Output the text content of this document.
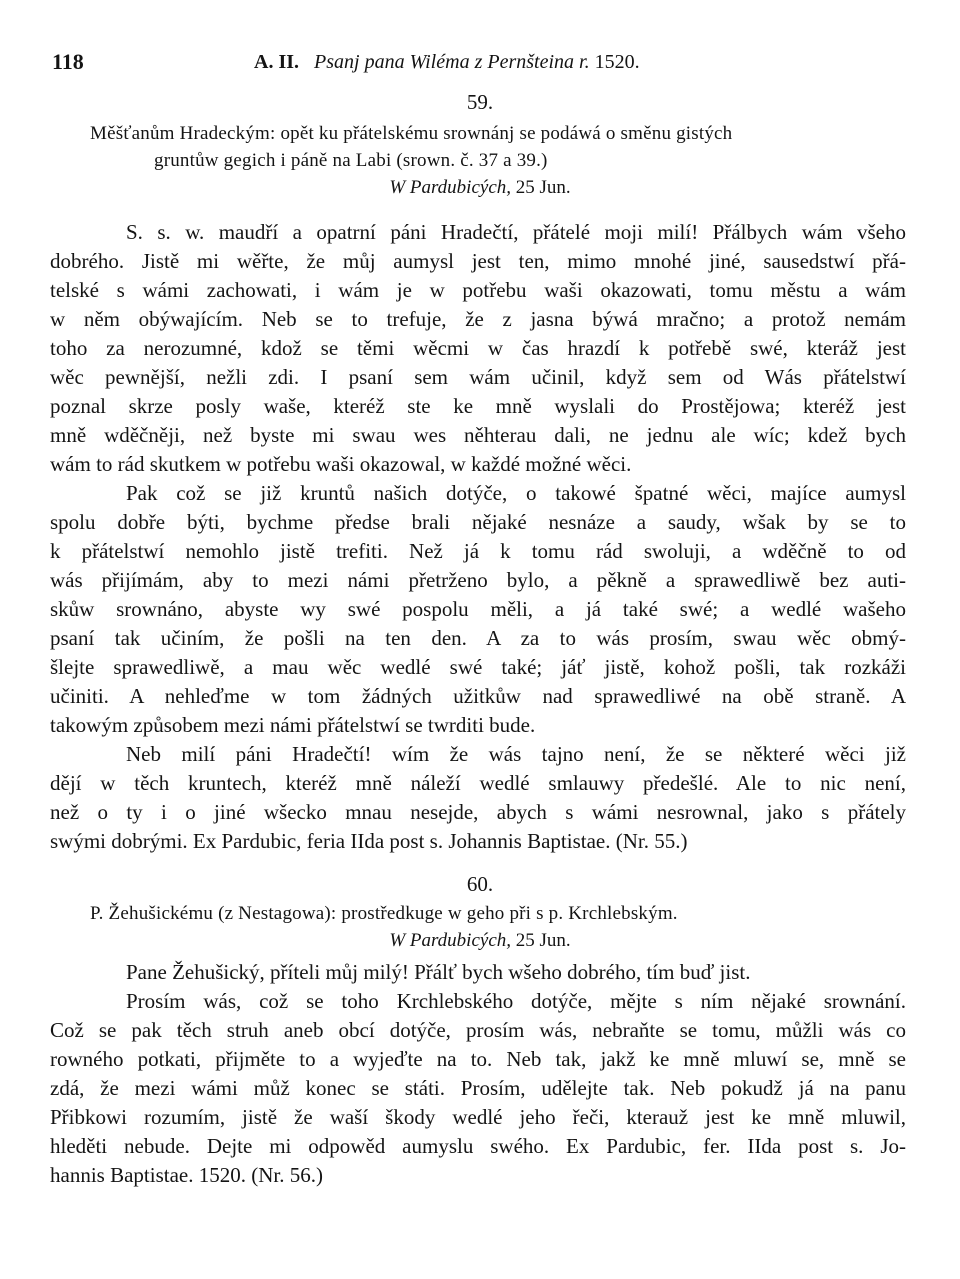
118	A. II. Psanj pana Wiléma z Pernšteina r. 1520.
59.
Měšťanům Hradeckým: opět ku přátelskému srownánj se podáwá o směnu gistých
gruntůw gegich i páně na Labi (srown. č. 37 a 39.)
W Pardubicých, 25 Jun.
S. s. w. maudří a opatrní páni Hradečtí, přátelé moji milí! Přálbych wám všeho
dobrého. Jistě mi wěřte, že můj aumysl jest ten, mimo mnohé jiné, sausedstwí přá-
telské s wámi zachowati, i wám je w potřebu waši okazowati, tomu městu a wám
w něm obýwajícím. Neb se to trefuje, že z jasna býwá mračno; a protož nemám
toho za nerozumné, kdož se těmi wěcmi w čas hrazdí k potřebě swé, kteráž jest
wěc pewnější, nežli zdi. I psaní sem wám učinil, když sem od Wás přátelstwí
poznal skrze posly waše, kteréž ste ke mně wyslali do Prostějowa; kteréž jest
mně wděčněji, než byste mi swau wes něhterau dali, ne jednu ale wíc; kdež bych
wám to rád skutkem w potřebu waši okazowal, w každé možné wěci.
Pak což se již kruntů našich dotýče, o takowé špatné wěci, majíce aumysl
spolu dobře býti, bychme předse brali nějaké nesnáze a saudy, wšak by se to
k přátelstwí nemohlo jistě trefiti. Než já k tomu rád swoluji, a wděčně to od
wás přijímám, aby to mezi námi přetrženo bylo, a pěkně a sprawedliwě bez auti-
skůw srownáno, abyste wy swé pospolu měli, a já také swé; a wedlé wašeho
psaní tak učiním, že pošli na ten den. A za to wás prosím, swau wěc obmý-
šlejte sprawedliwě, a mau wěc wedlé swé také; jáť jistě, kohož pošli, tak rozkáži
učiniti. A nehleďme w tom žádných užitkůw nad sprawedliwé na obě straně. A
takowým způsobem mezi námi přátelstwí se twrditi bude.
Neb milí páni Hradečtí! wím že wás tajno není, že se některé wěci již
dějí w těch kruntech, kteréž mně náleží wedlé smlauwy předešlé. Ale to nic není,
než o ty i o jiné wšecko mnau nesejde, abych s wámi nesrownal, jako s přátely
swými dobrými. Ex Pardubic, feria IIda post s. Johannis Baptistae. (Nr. 55.)
60.
P. Žehušickému (z Nestagowa): prostředkuge w geho při s p. Krchlebským.
W Pardubicých, 25 Jun.
Pane Žehušický, příteli můj milý! Přálť bych wšeho dobrého, tím buď jist.
Prosím wás, což se toho Krchlebského dotýče, mějte s ním nějaké srownání.
Což se pak těch struh aneb obcí dotýče, prosím wás, nebraňte se tomu, můžli wás co
rowného potkati, přijměte to a wyjeďte na to. Neb tak, jakž ke mně mluwí se, mně se
zdá, že mezi wámi můž konec se státi. Prosím, udělejte tak. Neb pokudž já na panu
Přibkowi rozumím, jistě že waší škody wedlé jeho řeči, kterauž jest ke mně mluwil,
hleděti nebude. Dejte mi odpowěd aumyslu swého. Ex Pardubic, fer. IIda post s. Jo-
hannis Baptistae. 1520. (Nr. 56.)
